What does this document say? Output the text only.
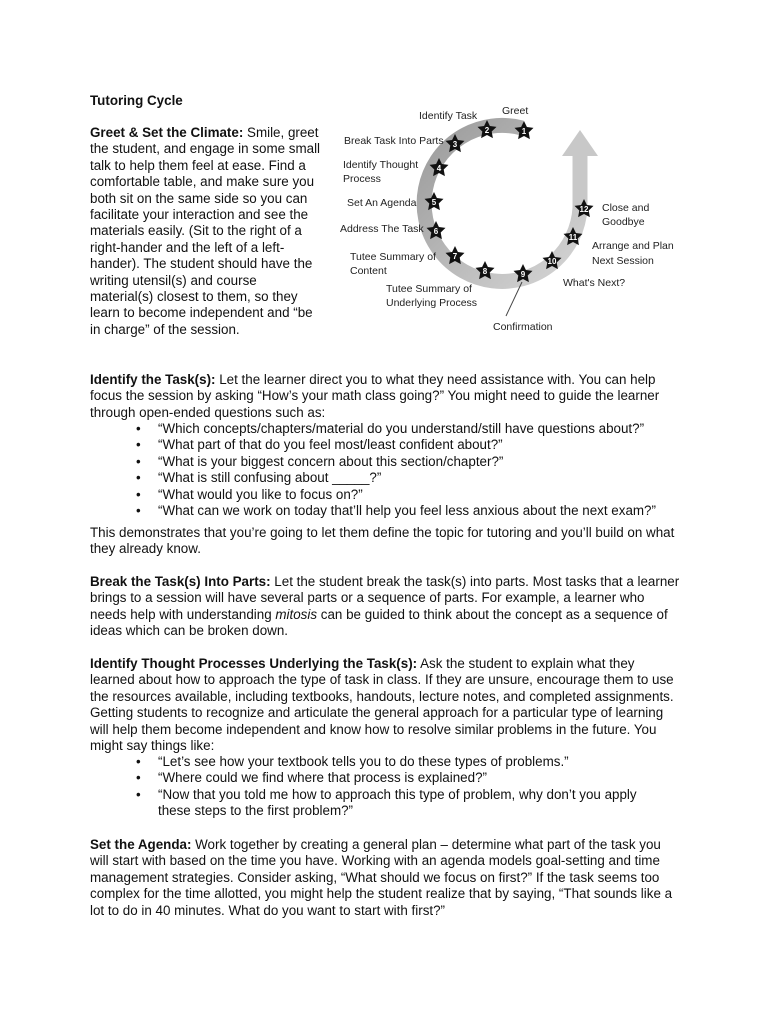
Tutoring Cycle

Greet & Set the Climate: Smile, greet the student, and engage in some small talk to help them feel at ease. Find a comfortable table, and make sure you both sit on the same side so you can facilitate your interaction and see the materials easily. (Sit to the right of a right-hander and the left of a left-hander). The student should have the writing utensil(s) and course material(s) closest to them, so they learn to become independent and “be in charge” of the session.

1
2
3
4
5
6
7
8	9
10
11
12
Greet
Identify Task
Break Task Into Parts
Identify Thought
Process
Set An Agenda
Address The Task
Tutee Summary of
Content
Tutee Summary of
Underlying Process
Confirmation
What's Next?
Arrange and Plan
Next Session
Close and
Goodbye

Identify the Task(s): Let the learner direct you to what they need assistance with. You can help focus the session by asking “How’s your math class going?” You might need to guide the learner through open-ended questions such as:

• “Which concepts/chapters/material do you understand/still have questions about?”
• “What part of that do you feel most/least confident about?”
• “What is your biggest concern about this section/chapter?”
• “What is still confusing about _____?”
• “What would you like to focus on?”
• “What can we work on today that’ll help you feel less anxious about the next exam?”

This demonstrates that you’re going to let them define the topic for tutoring and you’ll build on what they already know.

Break the Task(s) Into Parts: Let the student break the task(s) into parts. Most tasks that a learner brings to a session will have several parts or a sequence of parts. For example, a learner who needs help with understanding mitosis can be guided to think about the concept as a sequence of ideas which can be broken down.

Identify Thought Processes Underlying the Task(s): Ask the student to explain what they learned about how to approach the type of task in class. If they are unsure, encourage them to use the resources available, including textbooks, handouts, lecture notes, and completed assignments. Getting students to recognize and articulate the general approach for a particular type of learning will help them become independent and know how to resolve similar problems in the future. You might say things like:

• “Let’s see how your textbook tells you to do these types of problems.”
• “Where could we find where that process is explained?”
• “Now that you told me how to approach this type of problem, why don’t you apply these steps to the first problem?”

Set the Agenda: Work together by creating a general plan – determine what part of the task you will start with based on the time you have. Working with an agenda models goal-setting and time management strategies. Consider asking, “What should we focus on first?” If the task seems too complex for the time allotted, you might help the student realize that by saying, “That sounds like a lot to do in 40 minutes. What do you want to start with first?”
